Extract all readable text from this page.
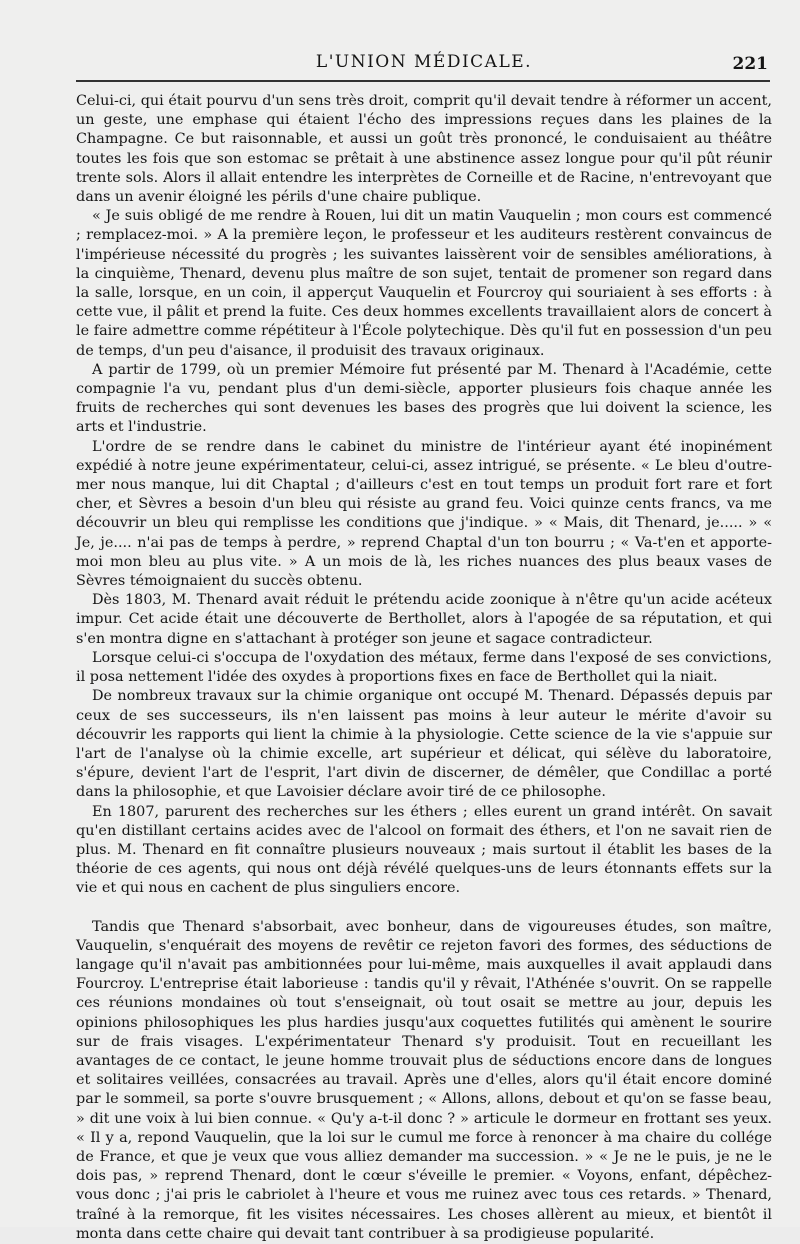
L'UNION MÉDICALE.	221

Celui-ci, qui était pourvu d'un sens très droit, comprit qu'il devait tendre à réformer un accent, un geste, une emphase qui étaient l'écho des impressions reçues dans les plaines de la Champagne. Ce but raisonnable, et aussi un goût très prononcé, le conduisaient au théâtre toutes les fois que son estomac se prêtait à une abstinence assez longue pour qu'il pût réunir trente sols. Alors il allait entendre les interprètes de Corneille et de Racine, n'entrevoyant que dans un avenir éloigné les périls d'une chaire publique.

« Je suis obligé de me rendre à Rouen, lui dit un matin Vauquelin ; mon cours est commencé ; remplacez-moi. » A la première leçon, le professeur et les auditeurs restèrent convaincus de l'impérieuse nécessité du progrès ; les suivantes laissèrent voir de sensibles améliorations, à la cinquième, Thenard, devenu plus maître de son sujet, tentait de promener son regard dans la salle, lorsque, en un coin, il apperçut Vauquelin et Fourcroy qui souriaient à ses efforts : à cette vue, il pâlit et prend la fuite. Ces deux hommes excellents travaillaient alors de concert à le faire admettre comme répétiteur à l'École polytechique. Dès qu'il fut en possession d'un peu de temps, d'un peu d'aisance, il produisit des travaux originaux.

A partir de 1799, où un premier Mémoire fut présenté par M. Thenard à l'Académie, cette compagnie l'a vu, pendant plus d'un demi-siècle, apporter plusieurs fois chaque année les fruits de recherches qui sont devenues les bases des progrès que lui doivent la science, les arts et l'industrie.

L'ordre de se rendre dans le cabinet du ministre de l'intérieur ayant été inopinément expédié à notre jeune expérimentateur, celui-ci, assez intrigué, se présente. « Le bleu d'outre-mer nous manque, lui dit Chaptal ; d'ailleurs c'est en tout temps un produit fort rare et fort cher, et Sèvres a besoin d'un bleu qui résiste au grand feu. Voici quinze cents francs, va me découvrir un bleu qui remplisse les conditions que j'indique. » « Mais, dit Thenard, je..... » « Je, je.... n'ai pas de temps à perdre, » reprend Chaptal d'un ton bourru ; « Va-t'en et apporte-moi mon bleu au plus vite. » A un mois de là, les riches nuances des plus beaux vases de Sèvres témoignaient du succès obtenu.

Dès 1803, M. Thenard avait réduit le prétendu acide zoonique à n'être qu'un acide acéteux impur. Cet acide était une découverte de Berthollet, alors à l'apogée de sa réputation, et qui s'en montra digne en s'attachant à protéger son jeune et sagace contradicteur.

Lorsque celui-ci s'occupa de l'oxydation des métaux, ferme dans l'exposé de ses convictions, il posa nettement l'idée des oxydes à proportions fixes en face de Berthollet qui la niait.

De nombreux travaux sur la chimie organique ont occupé M. Thenard. Dépassés depuis par ceux de ses successeurs, ils n'en laissent pas moins à leur auteur le mérite d'avoir su découvrir les rapports qui lient la chimie à la physiologie. Cette science de la vie s'appuie sur l'art de l'analyse où la chimie excelle, art supérieur et délicat, qui sélève du laboratoire, s'épure, devient l'art de l'esprit, l'art divin de discerner, de démêler, que Condillac a porté dans la philosophie, et que Lavoisier déclare avoir tiré de ce philosophe.

En 1807, parurent des recherches sur les éthers ; elles eurent un grand intérêt. On savait qu'en distillant certains acides avec de l'alcool on formait des éthers, et l'on ne savait rien de plus. M. Thenard en fit connaître plusieurs nouveaux ; mais surtout il établit les bases de la théorie de ces agents, qui nous ont déjà révélé quelques-uns de leurs étonnants effets sur la vie et qui nous en cachent de plus singuliers encore.

Tandis que Thenard s'absorbait, avec bonheur, dans de vigoureuses études, son maître, Vauquelin, s'enquérait des moyens de revêtir ce rejeton favori des formes, des séductions de langage qu'il n'avait pas ambitionnées pour lui-même, mais auxquelles il avait applaudi dans Fourcroy. L'entreprise était laborieuse : tandis qu'il y rêvait, l'Athénée s'ouvrit. On se rappelle ces réunions mondaines où tout s'enseignait, où tout osait se mettre au jour, depuis les opinions philosophiques les plus hardies jusqu'aux coquettes futilités qui amènent le sourire sur de frais visages. L'expérimentateur Thenard s'y produisit. Tout en recueillant les avantages de ce contact, le jeune homme trouvait plus de séductions encore dans de longues et solitaires veillées, consacrées au travail. Après une d'elles, alors qu'il était encore dominé par le sommeil, sa porte s'ouvre brusquement ; « Allons, allons, debout et qu'on se fasse beau, » dit une voix à lui bien connue. « Qu'y a-t-il donc ? » articule le dormeur en frottant ses yeux. « Il y a, repond Vauquelin, que la loi sur le cumul me force à renoncer à ma chaire du collége de France, et que je veux que vous alliez demander ma succession. » « Je ne le puis, je ne le dois pas, » reprend Thenard, dont le cœur s'éveille le premier. « Voyons, enfant, dépêchez-vous donc ; j'ai pris le cabriolet à l'heure et vous me ruinez avec tous ces retards. » Thenard, traîné à la remorque, fit les visites nécessaires. Les choses allèrent au mieux, et bientôt il monta dans cette chaire qui devait tant contribuer à sa prodigieuse popularité.
